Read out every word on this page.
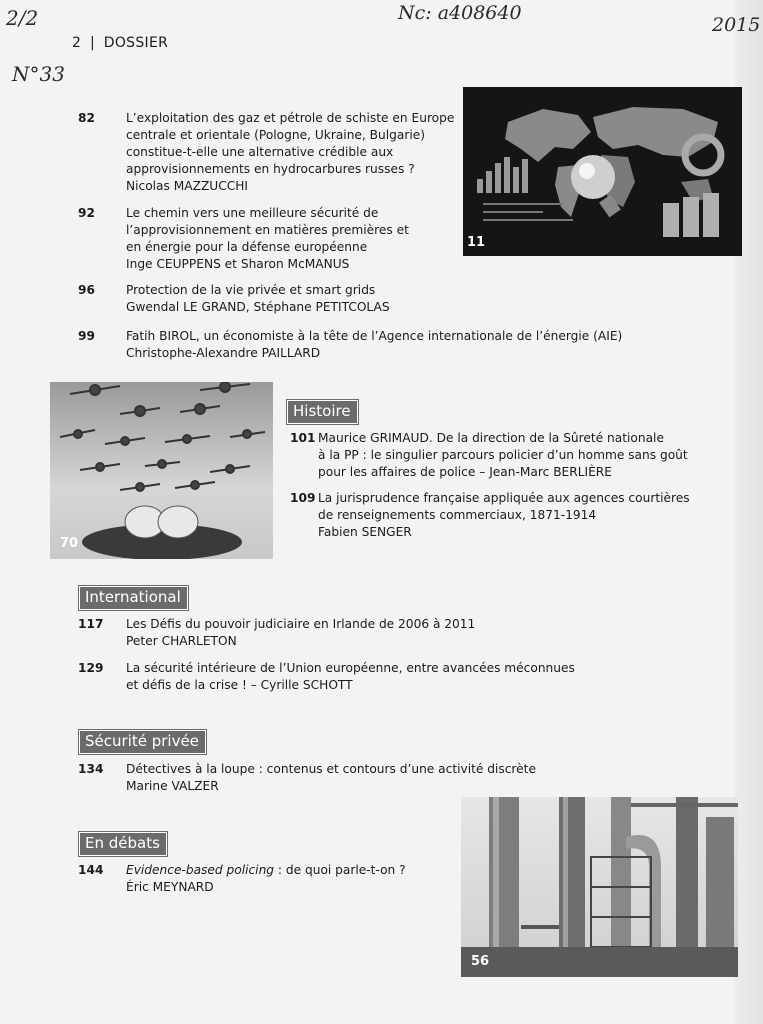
2/2
N°33
Nc: a408640
2015
2 | DOSSIER
82	L’exploitation des gaz et pétrole de schiste en Europe
centrale et orientale (Pologne, Ukraine, Bulgarie)
constitue-t-elle une alternative crédible aux
approvisionnements en hydrocarbures russes ?
Nicolas MAZZUCCHI
92	Le chemin vers une meilleure sécurité de
l’approvisionnement en matières premières et
en énergie pour la défense européenne
Inge CEUPPENS et Sharon McMANUS
96	Protection de la vie privée et smart grids
Gwendal LE GRAND, Stéphane PETITCOLAS
99	Fatih BIROL, un économiste à la tête de l’Agence internationale de l’énergie (AIE)
Christophe-Alexandre PAILLARD
11
70
Histoire
101 Maurice GRIMAUD. De la direction de la Sûreté nationale
à la PP : le singulier parcours policier d’un homme sans goût
pour les affaires de police – Jean-Marc BERLIÈRE
109 La jurisprudence française appliquée aux agences courtières
de renseignements commerciaux, 1871-1914
Fabien SENGER
International
117	Les Défis du pouvoir judiciaire en Irlande de 2006 à 2011
Peter CHARLETON
129	La sécurité intérieure de l’Union européenne, entre avancées méconnues
et défis de la crise ! – Cyrille SCHOTT
Sécurité privée
134	Détectives à la loupe : contenus et contours d’une activité discrète
Marine VALZER
En débats
144	Evidence-based policing : de quoi parle-t-on ?
Éric MEYNARD
56
